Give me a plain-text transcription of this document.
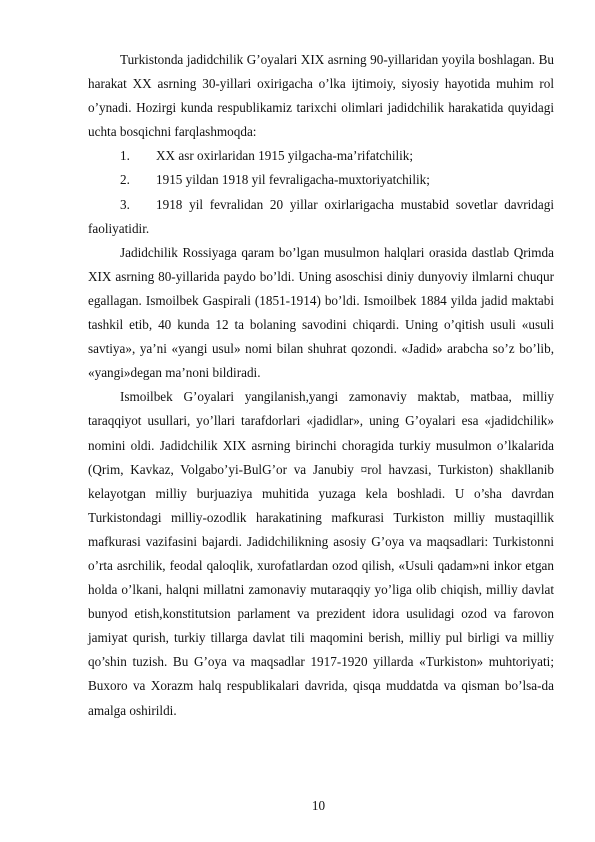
Turkistonda jadidchilik G’oyalari XIX asrning 90-yillaridan yoyila boshlagan. Bu harakat XX asrning 30-yillari oxirigacha o’lka ijtimoiy, siyosiy hayotida muhim rol o’ynadi. Hozirgi kunda respublikamiz tarixchi olimlari jadidchilik harakatida quyidagi uchta bosqichni farqlashmoqda:

1.	XX asr oxirlaridan 1915 yilgacha-ma’rifatchilik;
2.	1915 yildan 1918 yil fevraligacha-muxtoriyatchilik;
3. 1918 yil fevralidan 20 yillar oxirlarigacha mustabid sovetlar davridagi faoliyatidir.

Jadidchilik Rossiyaga qaram bo’lgan musulmon halqlari orasida dastlab Qrimda XIX asrning 80-yillarida paydo bo’ldi. Uning asoschisi diniy dunyoviy ilmlarni chuqur egallagan. Ismoilbek Gaspirali (1851-1914) bo’ldi. Ismoilbek 1884 yilda jadid maktabi tashkil etib, 40 kunda 12 ta bolaning savodini chiqardi. Uning o’qitish usuli «usuli savtiya», ya’ni «yangi usul» nomi bilan shuhrat qozondi. «Jadid» arabcha so’z bo’lib, «yangi»degan ma’noni bildiradi.

Ismoilbek G’oyalari yangilanish,yangi zamonaviy maktab, matbaa, milliy taraqqiyot usullari, yo’llari tarafdorlari «jadidlar», uning G’oyalari esa «jadidchilik» nomini oldi. Jadidchilik XIX asrning birinchi choragida turkiy musulmon o’lkalarida (Qrim, Kavkaz, Volgabo’yi-BulG’or va Janubiy ¤rol havzasi, Turkiston) shakllanib kelayotgan milliy burjuaziya muhitida yuzaga kela boshladi. U o’sha davrdan Turkistondagi milliy-ozodlik harakatining mafkurasi Turkiston milliy mustaqillik mafkurasi vazifasini bajardi. Jadidchilikning asosiy G’oya va maqsadlari: Turkistonni o’rta asrchilik, feodal qaloqlik, xurofatlardan ozod qilish, «Usuli qadam»ni inkor etgan holda o’lkani, halqni millatni zamonaviy mutaraqqiy yo’liga olib chiqish, milliy davlat bunyod etish,konstitutsion parlament va prezident idora usulidagi ozod va farovon jamiyat qurish, turkiy tillarga davlat tili maqomini berish, milliy pul birligi va milliy qo’shin tuzish. Bu G’oya va maqsadlar 1917-1920 yillarda «Turkiston» muhtoriyati; Buxoro va Xorazm halq respublikalari davrida, qisqa muddatda va qisman bo’lsa-da amalga oshirildi.

10
